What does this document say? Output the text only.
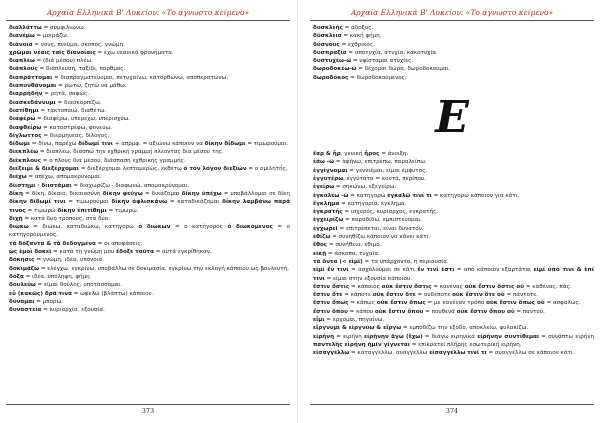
Αρχαία Ελληνικά Β' Λυκείου: «Το άγνωστο κείμενο»
διαλλάττω = συμφιλιώνω.
διανέμω = μοιράζω.
διάνοια = νους, πνεύμα, σκοπός, γνώμη.
χρῶμαι νέαις ταῖς διανοίαις = έχω νεανικά φρονήματα.
διαπλέω = (διά μέσου) πλέω.
διάπλους = διάπλευση, ταξίδι, πορθμός.
διαπράττομαι = διαπραγματεύομαι, πετυχαίνω, κατορθώνω, αποπερατώνω.
διαπυνθάνομαι = ρωτώ, ζητώ να μάθω.
διαρρήδην = ρητά, σαφώς.
διασκεδάννυμι = διασκορπίζω.
διατίθημι = τακτοποιώ, διαθέτω.
διαφέρω = διαφέρω, υπερέχω, υπερισχύω.
διαφθείρω = καταστρέφω, φονεύω.
δίγλωττος = διερμηνέας, δίλογος.
δίδωμι = δίνω, παρέχω δίδωμί τινι + απρμφ. = αξιώνω κάποιον να δίκην δίδωμι = τιμωρούμαι.
διεκπλέω = διαπλέω, διασπώ την εχθρική γραμμή πλέοντας δια μέσου της.
διέκπλους = ο πλους δια μέσου, διάσπαση εχθρικής γραμμής.
διέξειμι & διεξέρχομαι = διεξέρχομαι λεπτομερώς, εκθέτω ὁ τὸν λόγον διεξιών = ο ομιλητής.
διέχω = απέχω, απομακρύνομαι.
δίιστημι · διιστάμαι = διαχωρίζω · διαφωνώ, απομακρύνομαι.
δίκη = δίκη, δίκαιο, δικαιοσύνη δίκην φεύγω = δικάζομαι δίκην ὑπέχω = υποβάλλομαι σε δίκη δίκην δίδωμί τινι = τιμωρούμαι δίκην ὀφλισκάνω = καταδικάζομαι δίκην λαμβάνω παρά τινος = τιμωρώ δίκην ἐπιτίθημι = τιμωρώ.
διχῇ = κατά δυο τρόπους, στα δύο.
διώκω = διώκω, καταδιώκω, κατηγορώ ὁ διώκων = ο κατήγορος ὁ διωκόμενος = ο κατηγορούμενος.
τὰ δόξαντα & τὰ δεδογμένα = οι αποφάσεις.
ὡς ἐμοὶ δοκεῖ = κατά τη γνώμη μου ἔδοξε ταῦτα = αυτά εγκρίθηκαν.
δόκησις = γνώμη, ιδέα, υπόνοια.
δοκιμάζω = ελέγχω, εγκρίνω, υποβάλλω σε δοκιμασία, εγκρίνω την εκλογή κάποιου ως βουλευτή.
δόξα = ιδέα, υπόληψη, φήμη.
δουλεύω = είμαι δούλος, υποτάσσομαι.
εὖ (κακῶς) δρᾶ τινα = ωφελώ (βλάπτω) κάποιον.
δύναμαι = μπορώ.
δυναστεία = κυριαρχία, εξουσία.
373
Αρχαία Ελληνικά Β' Λυκείου: «Το άγνωστο κείμενο»
δυσκλεής = άδοξος.
δύσκλεια = κακή φήμη.
δύσνους = εχθρικός.
δυσπραξία = αποτυχία, ατυχία, κακοτυχία.
δυστυχέω-ῶ = υφίσταμαι ατυχίες.
δωροδοκέω-ῶ = δέχομαι δώρα, δωροδοκούμαι.
δωροδόκος = δωροδοκούμενος.
Ε
ἔαρ & ἦρ, γενική ἦρος = άνοιξη.
ἐάω -ῶ = αφήνω, επιτρέπω, παραλείπω.
ἐγγίγνομαι = γεννιέμαι, είμαι έμφυτος.
ἐγγυτέρω, ἐγγύτατα = κοντά, περίπου.
ἐγείρω = σηκώνω, εξεγείρω.
ἐγκαλέω -ῶ = κατηγορώ ἐγκαλῶ τινί τι = κατηγορώ κάποιον για κάτι.
ἔγκλημα = κατηγορία, έγκλημα.
ἐγκρατής = ισχυρός, κυρίαρχος, εγκρατής.
ἐγχειρίζω = παραδίδω, εμπιστεύομαι.
ἐγχωρεῖ = επιτρέπεται, είναι δυνατόν.
ἐθίζω = συνηθίζω κάποιον να κάνει κάτι.
ἔθος = συνήθεια, έθιμο.
εἰκῇ = άσκοπα, τυχαία.
τὰ ὄντα (< εἰμί) = τα υπάρχοντα, η περιουσία.
εἰμί ἔν τινι = ασχολούμαι σε κάτι ἔν τινί ἐστι = από κάποιον εξαρτάται εἰμί ὑπό τινι & ἐπί τινι = είμαι στην εξουσία κάποιου.
ἔστιν ὅστις = κάποιος οὐκ ἔστιν ὅστις = κανένας οὐκ ἔστιν ὅστις οὐ = καθένας, πάς.
ἔστιν ὅτε = κάποτε οὐκ ἔστιν ὅτε = ουδέποτε οὐκ ἔστιν ὅτε οὐ = πάντοτε.
ἔστιν ὅπως = κάπως οὐκ ἔστιν ὅπως = με κανέναν τρόπο οὐκ ἔστιν ὅπως οὐ = ασφαλώς.
ἔστιν ὅπου = κάπου οὐκ ἔστιν ὅπου = πουθενά οὐκ ἔστιν ὅπου οὐ = παντού.
εἶμι = έρχομαι, πηγαίνω.
εἴργνυμι & εἰργνύω & εἴργω = εμποδίζω την έξοδο, αποκλείω, φυλακίζω.
εἰρήνη = ειρήνη εἰρήνην ἄγω (ἔχω) = διάγω ειρηνικά εἰρήνην συντίθεμαι = συνάπτω ειρήνη παντελὴς εἰρήνη ἡμῖν γίγνεται = επικρατεί πλήρης εσωτερική ειρήνη.
εἰσαγγέλλω = καταγγέλλω, αναγγέλλω εἰσαγγέλλω τινί τι = αναγγέλλω σε κάποιον κάτι.
374
